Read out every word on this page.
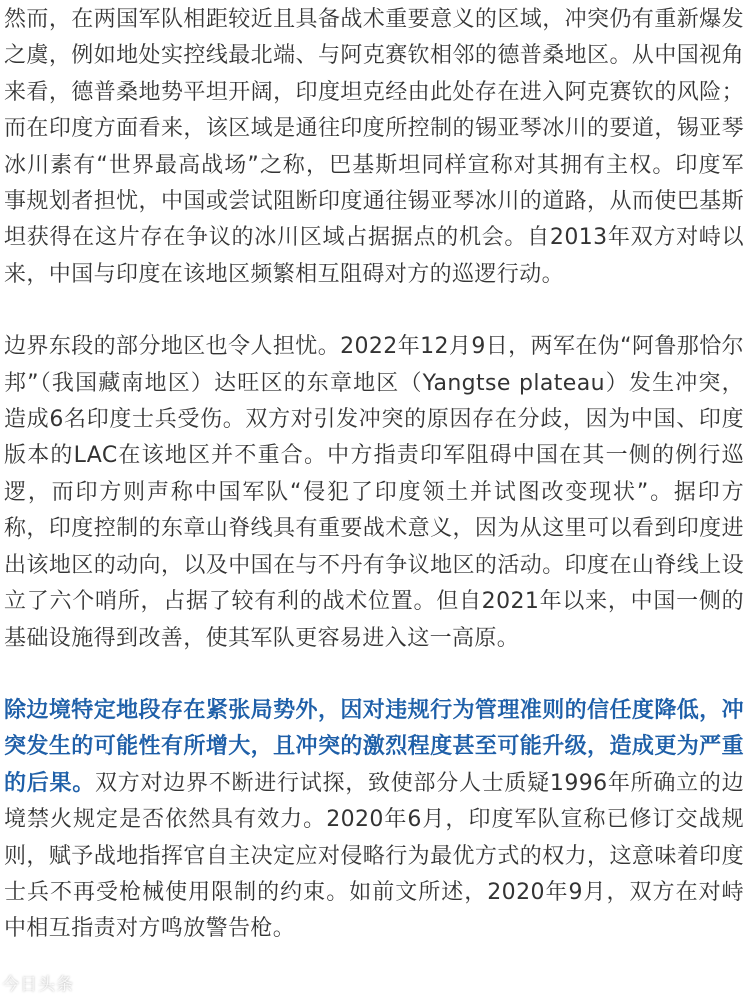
然而，在两国军队相距较近且具备战术重要意义的区域，冲突仍有重新爆发之虞，例如地处实控线最北端、与阿克赛钦相邻的德普桑地区。从中国视角来看，德普桑地势平坦开阔，印度坦克经由此处存在进入阿克赛钦的风险；而在印度方面看来，该区域是通往印度所控制的锡亚琴冰川的要道，锡亚琴冰川素有“世界最高战场”之称，巴基斯坦同样宣称对其拥有主权。印度军事规划者担忧，中国或尝试阻断印度通往锡亚琴冰川的道路，从而使巴基斯坦获得在这片存在争议的冰川区域占据据点的机会。自2013年双方对峙以来，中国与印度在该地区频繁相互阻碍对方的巡逻行动。

边界东段的部分地区也令人担忧。2022年12月9日，两军在伪“阿鲁那恰尔邦”（我国藏南地区）达旺区的东章地区（Yangtse plateau）发生冲突，造成6名印度士兵受伤。双方对引发冲突的原因存在分歧，因为中国、印度版本的LAC在该地区并不重合。中方指责印军阻碍中国在其一侧的例行巡逻，而印方则声称中国军队“侵犯了印度领土并试图改变现状”。据印方称，印度控制的东章山脊线具有重要战术意义，因为从这里可以看到印度进出该地区的动向，以及中国在与不丹有争议地区的活动。印度在山脊线上设立了六个哨所，占据了较有利的战术位置。但自2021年以来，中国一侧的基础设施得到改善，使其军队更容易进入这一高原。

除边境特定地段存在紧张局势外，因对违规行为管理准则的信任度降低，冲突发生的可能性有所增大，且冲突的激烈程度甚至可能升级，造成更为严重的后果。双方对边界不断进行试探，致使部分人士质疑1996年所确立的边境禁火规定是否依然具有效力。2020年6月，印度军队宣称已修订交战规则，赋予战地指挥官自主决定应对侵略行为最优方式的权力，这意味着印度士兵不再受枪械使用限制的约束。如前文所述，2020年9月，双方在对峙中相互指责对方鸣放警告枪。

今日头条
